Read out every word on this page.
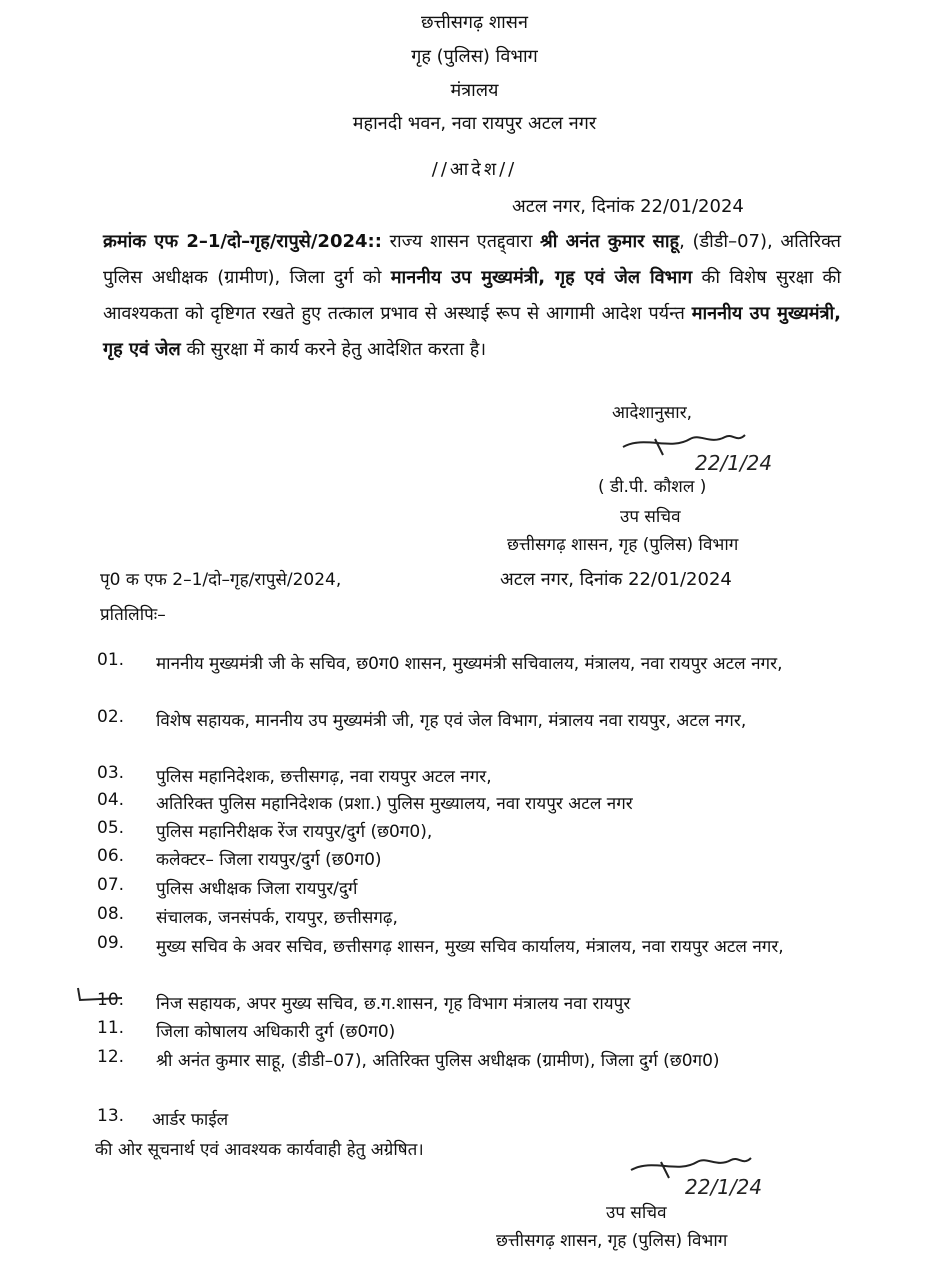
छत्तीसगढ़ शासन
गृह (पुलिस) विभाग
मंत्रालय
महानदी भवन, नवा रायपुर अटल नगर
//आदेश//
अटल नगर, दिनांक 22/01/2024
क्रमांक एफ 2–1/दो–गृह/रापुसे/2024:: राज्य शासन एतद्द्वारा श्री अनंत कुमार साहू, (डीडी–07), अतिरिक्त पुलिस अधीक्षक (ग्रामीण), जिला दुर्ग को माननीय उप मुख्यमंत्री, गृह एवं जेल विभाग की विशेष सुरक्षा की आवश्यकता को दृष्टिगत रखते हुए तत्काल प्रभाव से अस्थाई रूप से आगामी आदेश पर्यन्त माननीय उप मुख्यमंत्री, गृह एवं जेल की सुरक्षा में कार्य करने हेतु आदेशित करता है।
आदेशानुसार,
22/1/24
( डी.पी. कौशल )
उप सचिव
छत्तीसगढ़ शासन, गृह (पुलिस) विभाग
पृ0 क एफ 2–1/दो–गृह/रापुसे/2024,	अटल नगर, दिनांक 22/01/2024
प्रतिलिपिः–
01.	माननीय मुख्यमंत्री जी के सचिव, छ0ग0 शासन, मुख्यमंत्री सचिवालय, मंत्रालय, नवा रायपुर अटल नगर,
02.	विशेष सहायक, माननीय उप मुख्यमंत्री जी, गृह एवं जेल विभाग, मंत्रालय नवा रायपुर, अटल नगर,
03.	पुलिस महानिदेशक, छत्तीसगढ़, नवा रायपुर अटल नगर,
04.	अतिरिक्त पुलिस महानिदेशक (प्रशा.) पुलिस मुख्यालय, नवा रायपुर अटल नगर
05.	पुलिस महानिरीक्षक रेंज रायपुर/दुर्ग (छ0ग0),
06.	कलेक्टर– जिला रायपुर/दुर्ग (छ0ग0)
07.	पुलिस अधीक्षक जिला रायपुर/दुर्ग
08.	संचालक, जनसंपर्क, रायपुर, छत्तीसगढ़,
09.	मुख्य सचिव के अवर सचिव, छत्तीसगढ़ शासन, मुख्य सचिव कार्यालय, मंत्रालय, नवा रायपुर अटल नगर,
10.	निज सहायक, अपर मुख्य सचिव, छ.ग.शासन, गृह विभाग मंत्रालय नवा रायपुर
11.	जिला कोषालय अधिकारी दुर्ग (छ0ग0)
12.	श्री अनंत कुमार साहू, (डीडी–07), अतिरिक्त पुलिस अधीक्षक (ग्रामीण), जिला दुर्ग (छ0ग0)
13.	आर्डर फाईल
की ओर सूचनार्थ एवं आवश्यक कार्यवाही हेतु अग्रेषित।
22/1/24
उप सचिव
छत्तीसगढ़ शासन, गृह (पुलिस) विभाग
